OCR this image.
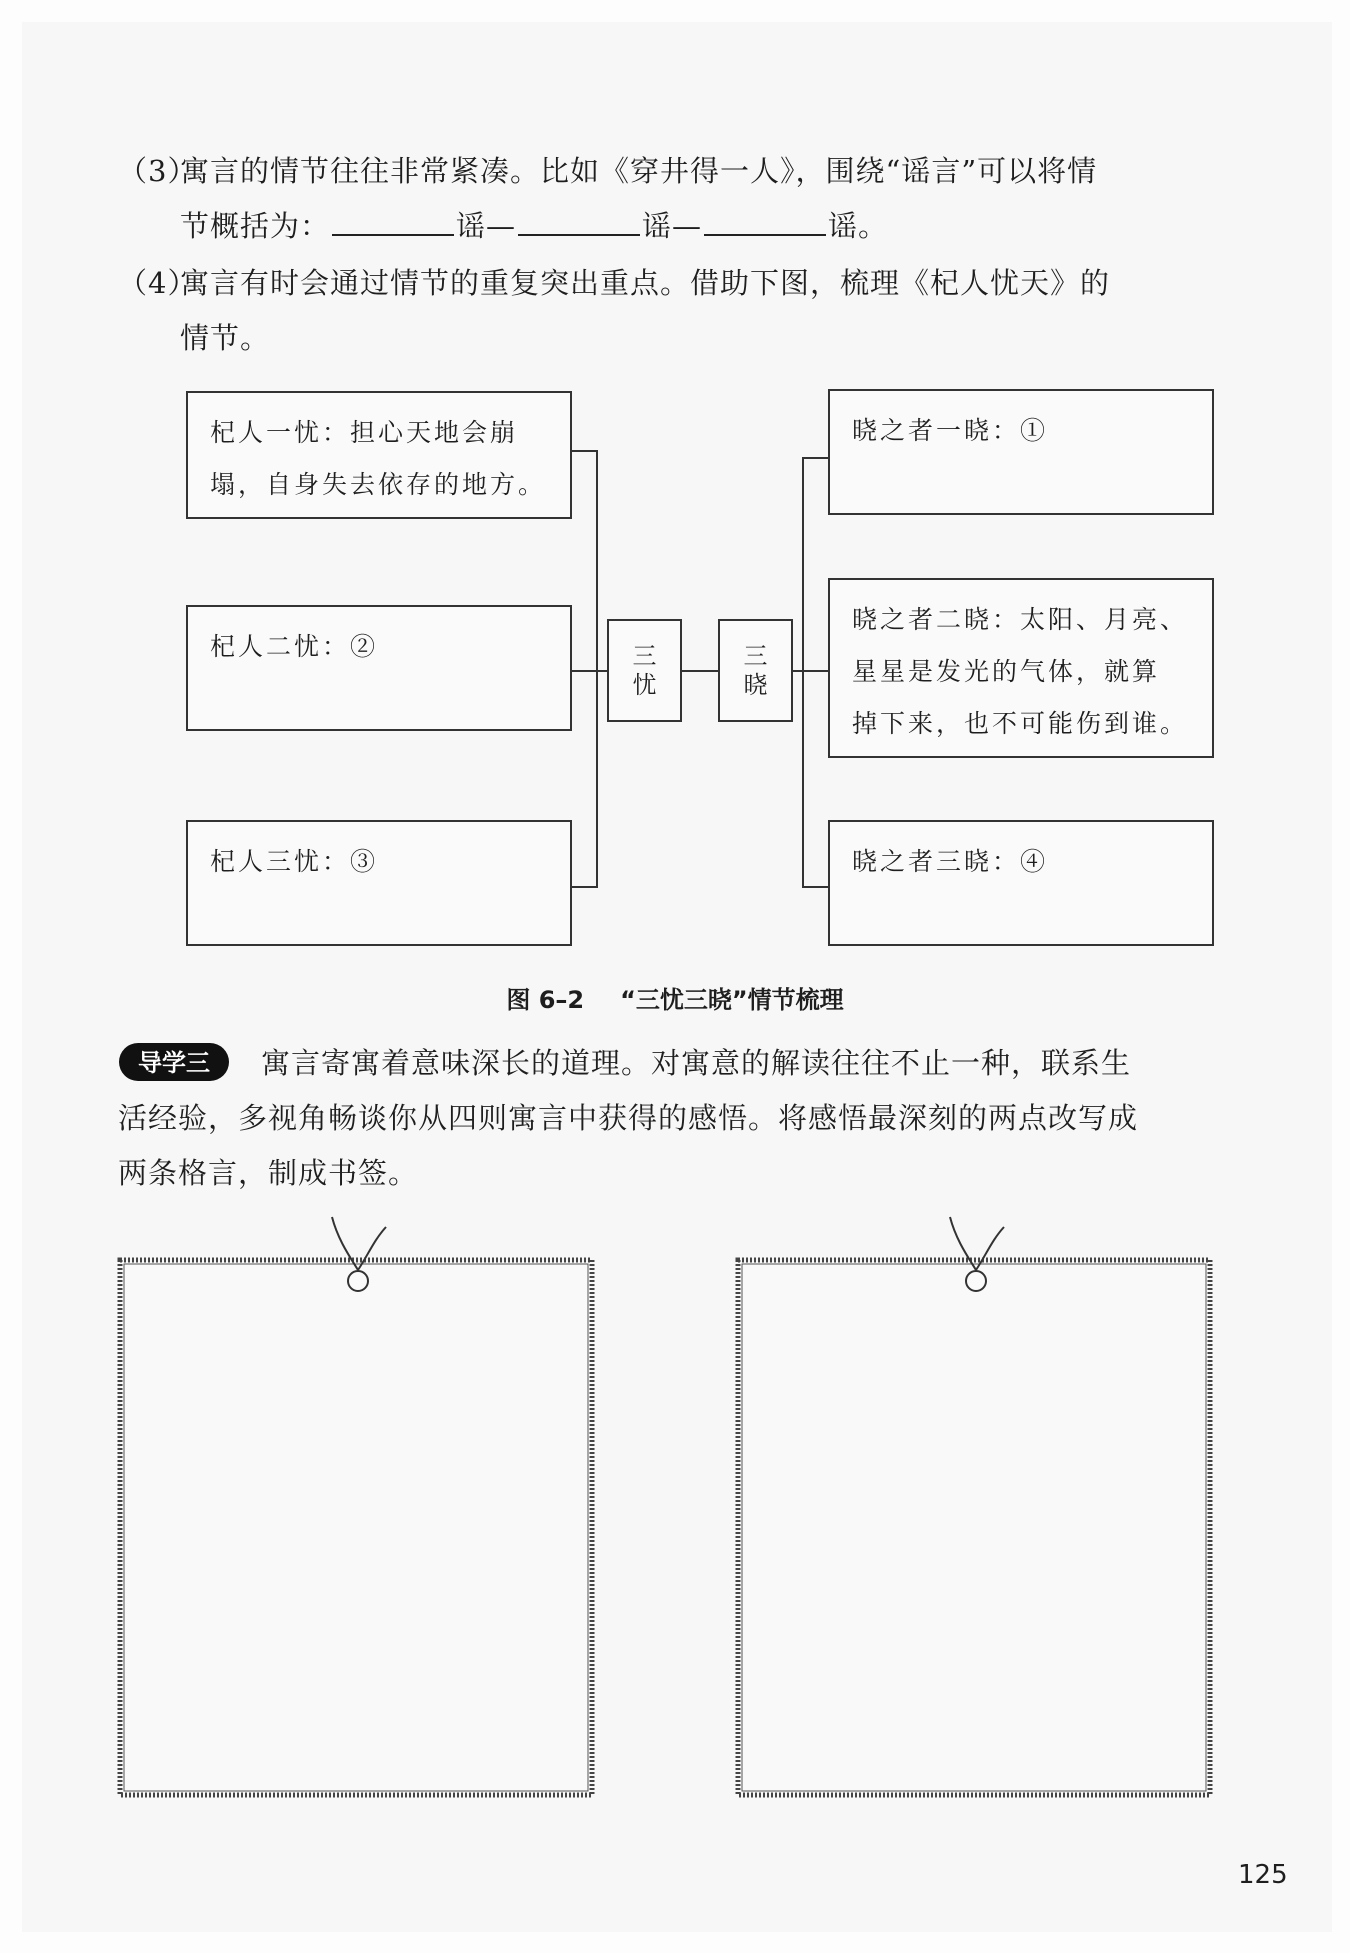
（3）寓言的情节往往非常紧凑。比如《穿井得一人》，围绕“谣言”可以将情
节概括为：	谣—	谣—	谣。
（4）寓言有时会通过情节的重复突出重点。借助下图，梳理《杞人忧天》的
情节。
杞人一忧：担心天地会崩
塌，自身失去依存的地方。
杞人二忧：②
杞人三忧：③
晓之者一晓：①
晓之者二晓：太阳、月亮、
星星是发光的气体，就算
掉下来，也不可能伤到谁。
晓之者三晓：④
三
忧
三
晓
图 6–2 “三忧三晓”情节梳理
导学三	寓言寄寓着意味深长的道理。对寓意的解读往往不止一种，联系生
活经验，多视角畅谈你从四则寓言中获得的感悟。将感悟最深刻的两点改写成
两条格言，制成书签。
125
